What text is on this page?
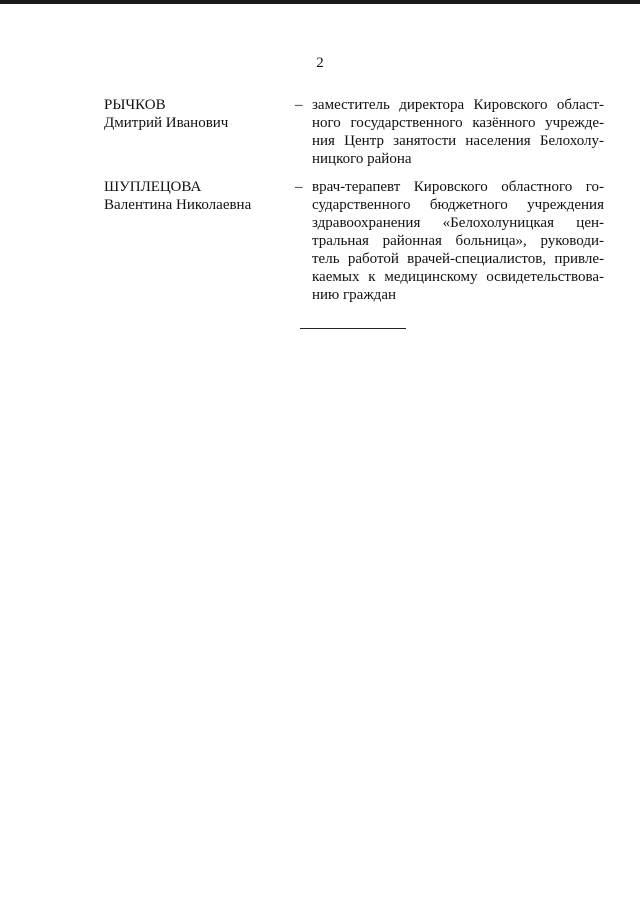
2
РЫЧКОВ
Дмитрий Иванович
– заместитель директора Кировского област-
ного государственного казённого учрежде-
ния Центр занятости населения Белохолу-
ницкого района
ШУПЛЕЦОВА
Валентина Николаевна
– врач-терапевт Кировского областного го-
сударственного бюджетного учреждения
здравоохранения «Белохолуницкая цен-
тральная районная больница», руководи-
тель работой врачей-специалистов, привле-
каемых к медицинскому освидетельствова-
нию граждан
